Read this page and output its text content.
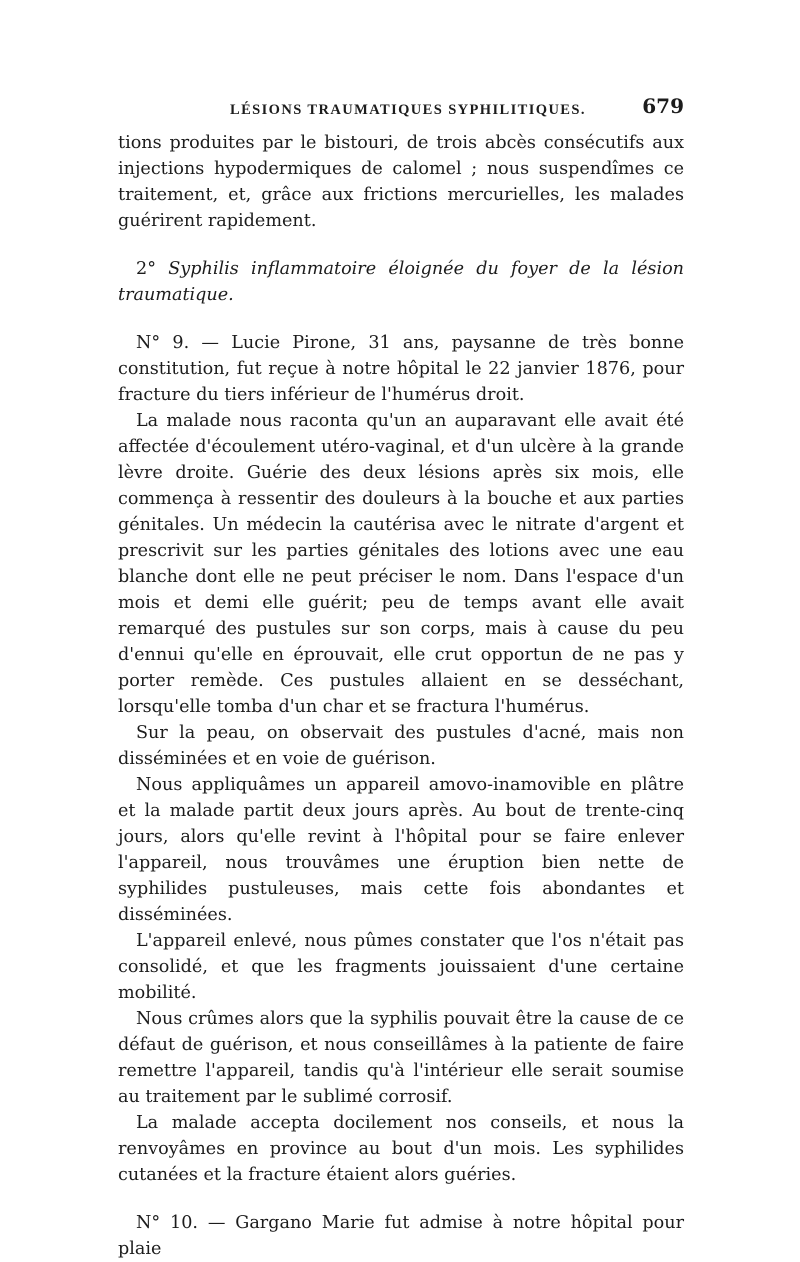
LÉSIONS TRAUMATIQUES SYPHILITIQUES.	679

tions produites par le bistouri, de trois abcès consécutifs aux injections hypodermiques de calomel ; nous suspendîmes ce traitement, et, grâce aux frictions mercurielles, les malades guérirent rapidement.

2° Syphilis inflammatoire éloignée du foyer de la lésion traumatique.

N° 9. — Lucie Pirone, 31 ans, paysanne de très bonne constitution, fut reçue à notre hôpital le 22 janvier 1876, pour fracture du tiers inférieur de l'humérus droit.

La malade nous raconta qu'un an auparavant elle avait été affectée d'écoulement utéro-vaginal, et d'un ulcère à la grande lèvre droite. Guérie des deux lésions après six mois, elle commença à ressentir des douleurs à la bouche et aux parties génitales. Un médecin la cautérisa avec le nitrate d'argent et prescrivit sur les parties génitales des lotions avec une eau blanche dont elle ne peut préciser le nom. Dans l'espace d'un mois et demi elle guérit; peu de temps avant elle avait remarqué des pustules sur son corps, mais à cause du peu d'ennui qu'elle en éprouvait, elle crut opportun de ne pas y porter remède. Ces pustules allaient en se desséchant, lorsqu'elle tomba d'un char et se fractura l'humérus.

Sur la peau, on observait des pustules d'acné, mais non disséminées et en voie de guérison.

Nous appliquâmes un appareil amovo-inamovible en plâtre et la malade partit deux jours après. Au bout de trente-cinq jours, alors qu'elle revint à l'hôpital pour se faire enlever l'appareil, nous trouvâmes une éruption bien nette de syphilides pustuleuses, mais cette fois abondantes et disséminées.

L'appareil enlevé, nous pûmes constater que l'os n'était pas consolidé, et que les fragments jouissaient d'une certaine mobilité.

Nous crûmes alors que la syphilis pouvait être la cause de ce défaut de guérison, et nous conseillâmes à la patiente de faire remettre l'appareil, tandis qu'à l'intérieur elle serait soumise au traitement par le sublimé corrosif.

La malade accepta docilement nos conseils, et nous la renvoyâmes en province au bout d'un mois. Les syphilides cutanées et la fracture étaient alors guéries.

N° 10. — Gargano Marie fut admise à notre hôpital pour plaie
